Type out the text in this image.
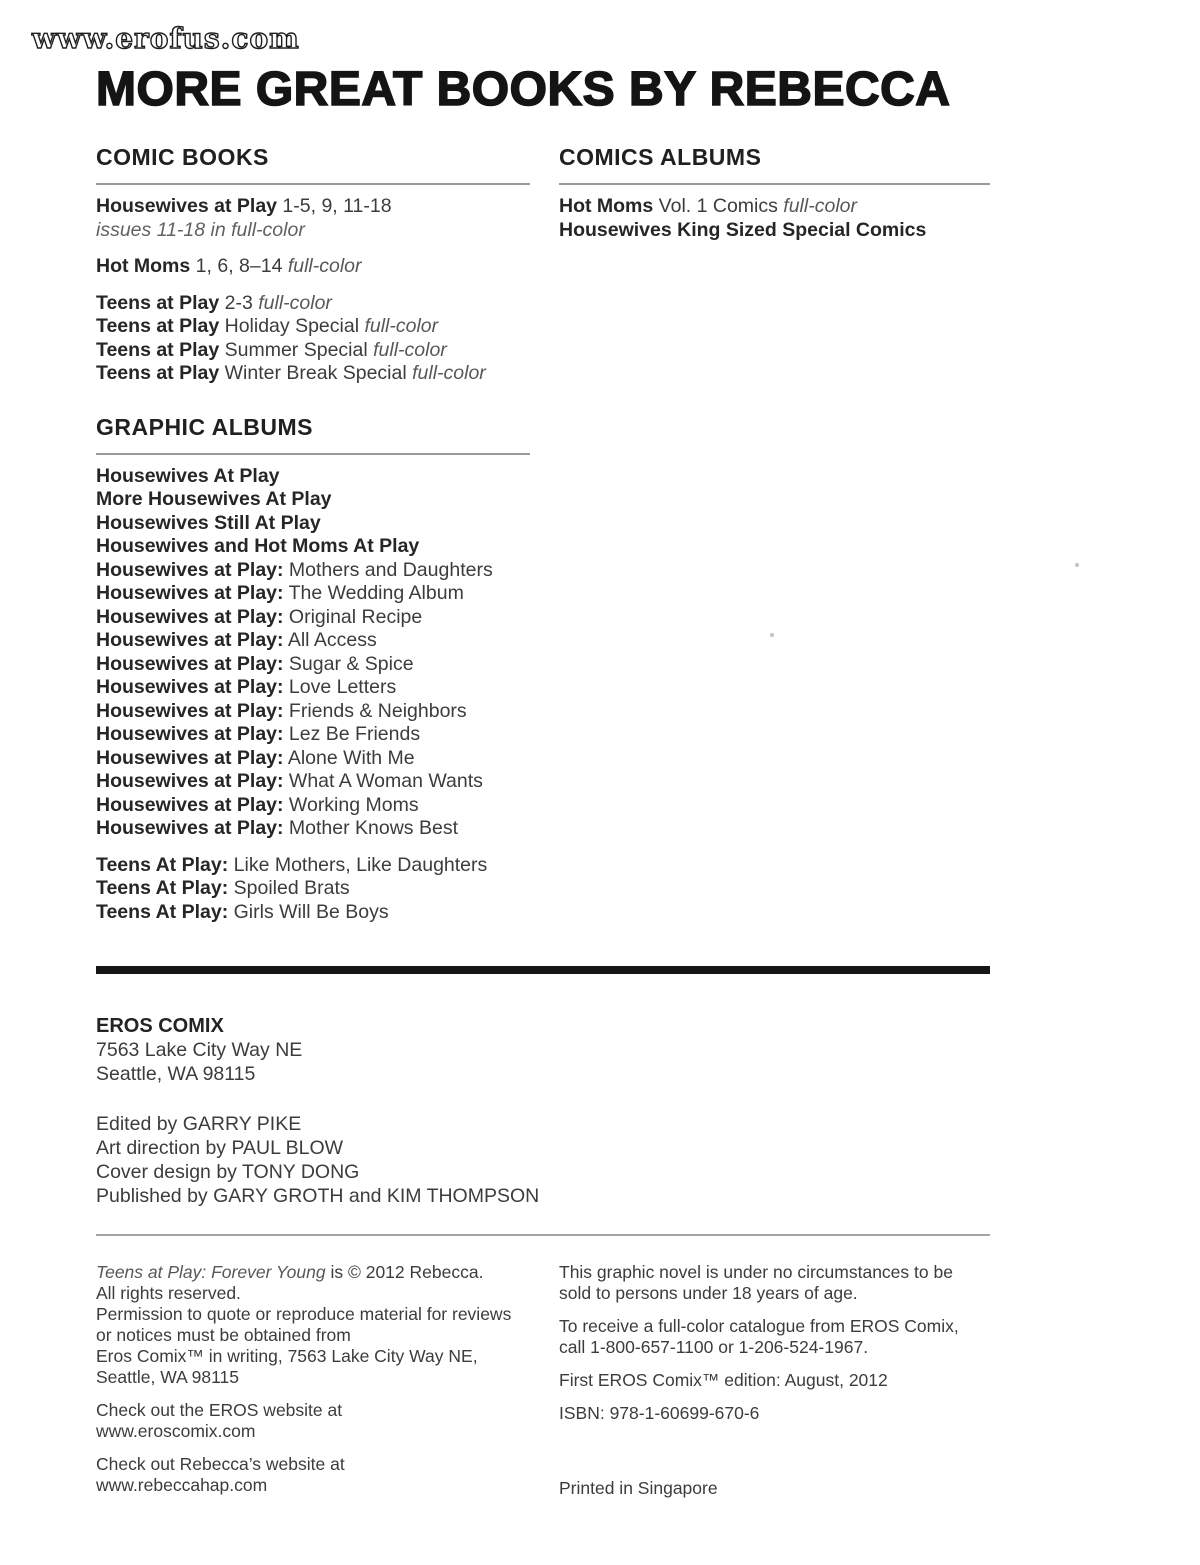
www.erofus.com
MORE GREAT BOOKS BY REBECCA
COMIC BOOKS
Housewives at Play 1-5, 9, 11-18
issues 11-18 in full-color
Hot Moms 1, 6, 8–14 full-color
Teens at Play 2-3 full-color
Teens at Play Holiday Special full-color
Teens at Play Summer Special full-color
Teens at Play Winter Break Special full-color
GRAPHIC ALBUMS
Housewives At Play
More Housewives At Play
Housewives Still At Play
Housewives and Hot Moms At Play
Housewives at Play: Mothers and Daughters
Housewives at Play: The Wedding Album
Housewives at Play: Original Recipe
Housewives at Play: All Access
Housewives at Play: Sugar & Spice
Housewives at Play: Love Letters
Housewives at Play: Friends & Neighbors
Housewives at Play: Lez Be Friends
Housewives at Play: Alone With Me
Housewives at Play: What A Woman Wants
Housewives at Play: Working Moms
Housewives at Play: Mother Knows Best
Teens At Play: Like Mothers, Like Daughters
Teens At Play: Spoiled Brats
Teens At Play: Girls Will Be Boys
COMICS ALBUMS
Hot Moms Vol. 1 Comics full-color
Housewives King Sized Special Comics
EROS COMIX
7563 Lake City Way NE
Seattle, WA 98115
Edited by GARRY PIKE
Art direction by PAUL BLOW
Cover design by TONY DONG
Published by GARY GROTH and KIM THOMPSON
Teens at Play: Forever Young is © 2012 Rebecca.
All rights reserved.
Permission to quote or reproduce material for reviews
or notices must be obtained from
Eros Comix™ in writing, 7563 Lake City Way NE,
Seattle, WA 98115
Check out the EROS website at
www.eroscomix.com
Check out Rebecca’s website at
www.rebeccahap.com
This graphic novel is under no circumstances to be
sold to persons under 18 years of age.
To receive a full-color catalogue from EROS Comix,
call 1-800-657-1100 or 1-206-524-1967.
First EROS Comix™ edition: August, 2012
ISBN: 978-1-60699-670-6
Printed in Singapore
